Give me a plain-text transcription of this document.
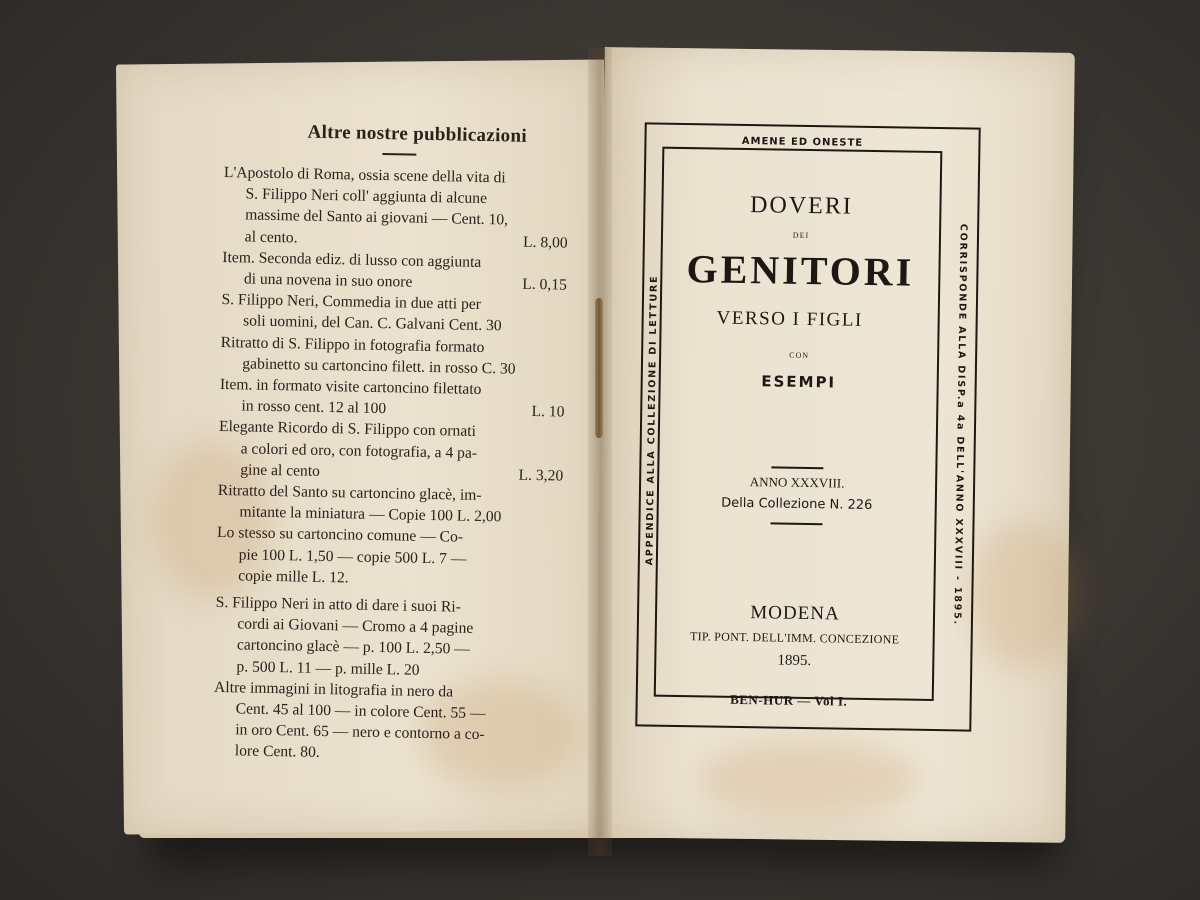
Altre nostre pubblicazioni
L'Apostolo di Roma, ossia scene della vita di
S. Filippo Neri coll' aggiunta di alcune
massime del Santo ai giovani — Cent. 10,
al cento.	L. 8,00
Item. Seconda ediz. di lusso con aggiunta
di una novena in suo onore	L. 0,15
S. Filippo Neri, Commedia in due atti per
soli uomini, del Can. C. Galvani Cent. 30
Ritratto di S. Filippo in fotografia formato
gabinetto su cartoncino filett. in rosso C. 30
Item. in formato visite cartoncino filettato
in rosso cent. 12 al 100	L. 10
Elegante Ricordo di S. Filippo con ornati
a colori ed oro, con fotografia, a 4 pa-
gine al cento	L. 3,20
Ritratto del Santo su cartoncino glacè, im-
mitante la miniatura — Copie 100 L. 2,00
Lo stesso su cartoncino comune — Co-
pie 100 L. 1,50 — copie 500 L. 7 —
copie mille L. 12.
S. Filippo Neri in atto di dare i suoi Ri-
cordi ai Giovani — Cromo a 4 pagine
cartoncino glacè — p. 100 L. 2,50 —
p. 500 L. 11 — p. mille L. 20
Altre immagini in litografia in nero da
Cent. 45 al 100 — in colore Cent. 55 —
in oro Cent. 65 — nero e contorno a co-
lore Cent. 80.
APPENDICE ALLA COLLEZIONE DI LETTURE	CORRISPONDE ALLA DISP.a 4a DELL'ANNO XXXVIII - 1895.
AMENE ED ONESTE
DOVERI
DEI
GENITORI
VERSO I FIGLI
CON
ESEMPI
ANNO XXXVIII.
Della Collezione N. 226
MODENA
TIP. PONT. DELL'IMM. CONCEZIONE
1895.
BEN-HUR — Vol I.
